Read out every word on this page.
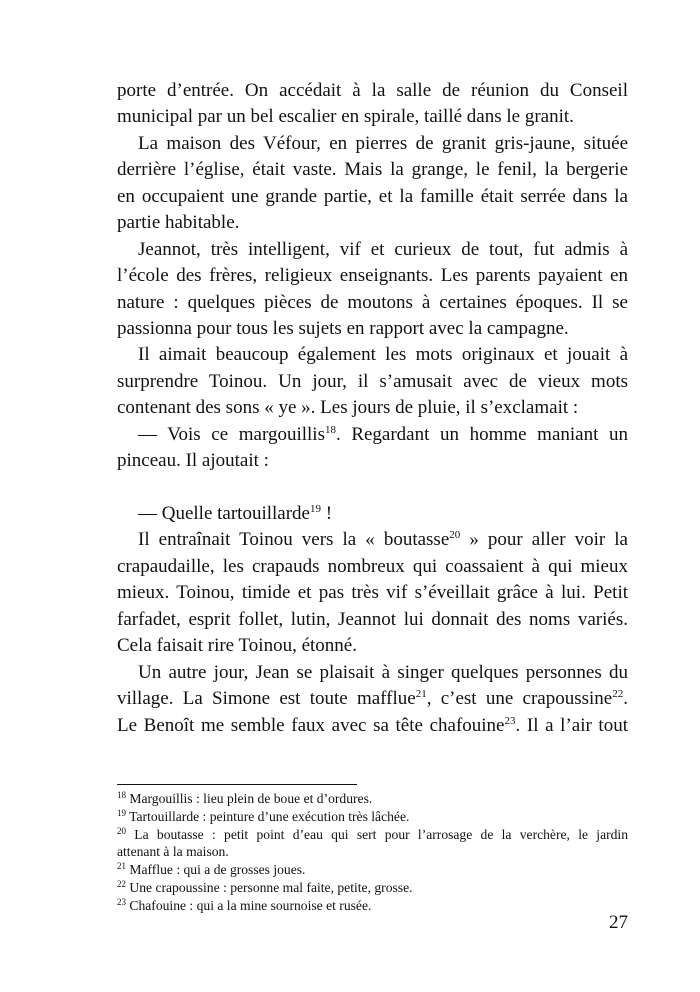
porte d’entrée. On accédait à la salle de réunion du Conseil
municipal par un bel escalier en spirale, taillé dans le granit.
La maison des Véfour, en pierres de granit gris-jaune, située
derrière l’église, était vaste. Mais la grange, le fenil, la bergerie
en occupaient une grande partie, et la famille était serrée dans la
partie habitable.
Jeannot, très intelligent, vif et curieux de tout, fut admis à
l’école des frères, religieux enseignants. Les parents payaient en
nature : quelques pièces de moutons à certaines époques. Il se
passionna pour tous les sujets en rapport avec la campagne.
Il aimait beaucoup également les mots originaux et jouait à
surprendre Toinou. Un jour, il s’amusait avec de vieux mots
contenant des sons « ye ». Les jours de pluie, il s’exclamait :
— Vois ce margouillis$^{18}$. Regardant un homme maniant un
pinceau. Il ajoutait :
— Quelle tartouillarde$^{19}$ !
Il entraînait Toinou vers la « boutasse$^{20}$ » pour aller voir la
crapaudaille, les crapauds nombreux qui coassaient à qui mieux
mieux. Toinou, timide et pas très vif s’éveillait grâce à lui. Petit
farfadet, esprit follet, lutin, Jeannot lui donnait des noms variés.
Cela faisait rire Toinou, étonné.
Un autre jour, Jean se plaisait à singer quelques personnes du
village. La Simone est toute mafflue$^{21}$, c’est une crapoussine$^{22}$.
Le Benoît me semble faux avec sa tête chafouine$^{23}$. Il a l’air tout
$^{18}$ Margouillis : lieu plein de boue et d’ordures.
$^{19}$ Tartouillarde : peinture d’une exécution très lâchée.
$^{20}$ La boutasse : petit point d’eau qui sert pour l’arrosage de la verchère, le jardin
attenant à la maison.
$^{21}$ Mafflue : qui a de grosses joues.
$^{22}$ Une crapoussine : personne mal faite, petite, grosse.
$^{23}$ Chafouine : qui a la mine sournoise et rusée.
27
